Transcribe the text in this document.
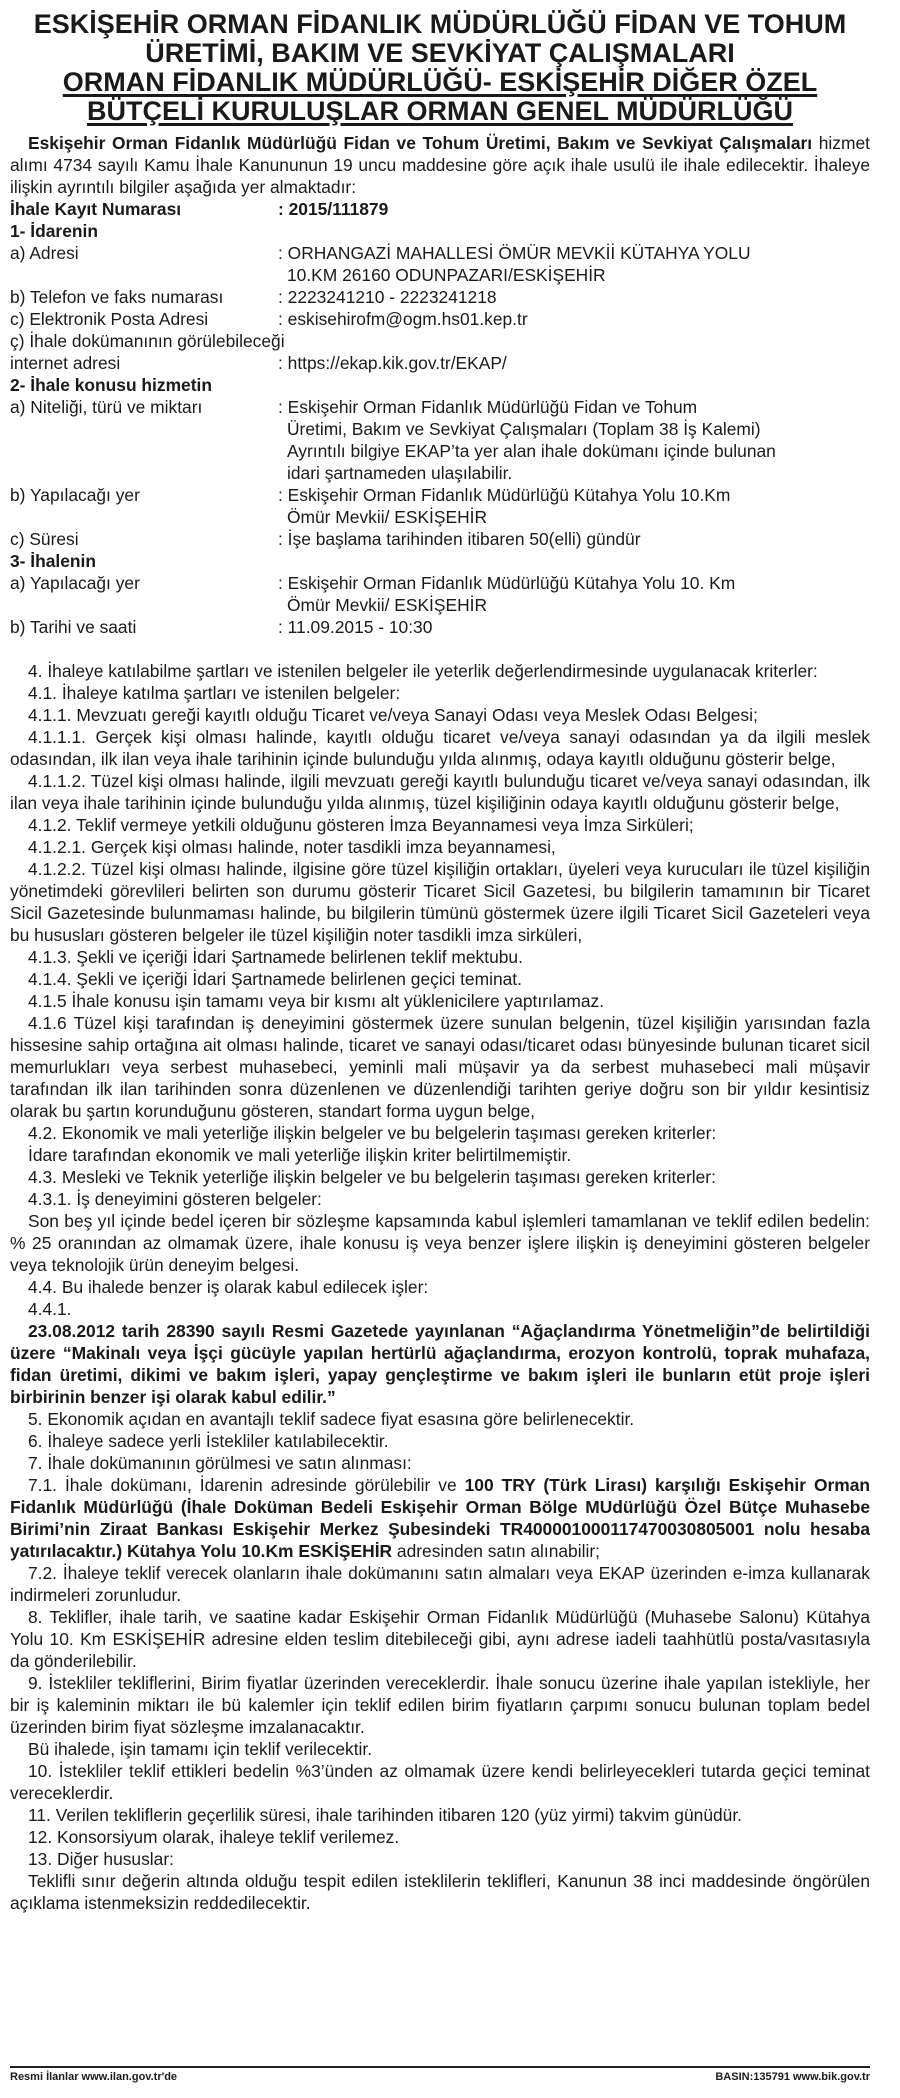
ESKİŞEHİR ORMAN FİDANLIK MÜDÜRLÜĞÜ FİDAN VE TOHUM
ÜRETİMİ, BAKIM VE SEVKİYAT ÇALIŞMALARI
ORMAN FİDANLIK MÜDÜRLÜĞÜ- ESKİŞEHİR DİĞER ÖZEL
BÜTÇELİ KURULUŞLAR ORMAN GENEL MÜDÜRLÜĞÜ

Eskişehir Orman Fidanlık Müdürlüğü Fidan ve Tohum Üretimi, Bakım ve Sevkiyat Çalışmaları hizmet alımı 4734 sayılı Kamu İhale Kanununun 19 uncu maddesine göre açık ihale usulü ile ihale edilecektir. İhaleye ilişkin ayrıntılı bilgiler aşağıda yer almaktadır:

İhale Kayıt Numarası	: 2015/111879
1- İdarenin
a) Adresi	: ORHANGAZİ MAHALLESİ ÖMÜR MEVKİİ KÜTAHYA YOLU
10.KM 26160 ODUNPAZARI/ESKİŞEHİR
b) Telefon ve faks numarası	: 2223241210 - 2223241218
c) Elektronik Posta Adresi	: eskisehirofm@ogm.hs01.kep.tr
ç) İhale dokümanının görülebileceği
internet adresi	: https://ekap.kik.gov.tr/EKAP/
2- İhale konusu hizmetin
a) Niteliği, türü ve miktarı	: Eskişehir Orman Fidanlık Müdürlüğü Fidan ve Tohum
Üretimi, Bakım ve Sevkiyat Çalışmaları (Toplam 38 İş Kalemi)
Ayrıntılı bilgiye EKAP’ta yer alan ihale dokümanı içinde bulunan
idari şartnameden ulaşılabilir.
b) Yapılacağı yer	: Eskişehir Orman Fidanlık Müdürlüğü Kütahya Yolu 10.Km
Ömür Mevkii/ ESKİŞEHİR
c) Süresi	: İşe başlama tarihinden itibaren 50(elli) gündür
3- İhalenin
a) Yapılacağı yer	: Eskişehir Orman Fidanlık Müdürlüğü Kütahya Yolu 10. Km
Ömür Mevkii/ ESKİŞEHİR
b) Tarihi ve saati	: 11.09.2015 - 10:30

4. İhaleye katılabilme şartları ve istenilen belgeler ile yeterlik değerlendirmesinde uygulanacak kriterler:

4.1. İhaleye katılma şartları ve istenilen belgeler:

4.1.1. Mevzuatı gereği kayıtlı olduğu Ticaret ve/veya Sanayi Odası veya Meslek Odası Belgesi;

4.1.1.1. Gerçek kişi olması halinde, kayıtlı olduğu ticaret ve/veya sanayi odasından ya da ilgili meslek odasından, ilk ilan veya ihale tarihinin içinde bulunduğu yılda alınmış, odaya kayıtlı olduğunu gösterir belge,

4.1.1.2. Tüzel kişi olması halinde, ilgili mevzuatı gereği kayıtlı bulunduğu ticaret ve/veya sanayi odasından, ilk ilan veya ihale tarihinin içinde bulunduğu yılda alınmış, tüzel kişiliğinin odaya kayıtlı olduğunu gösterir belge,

4.1.2. Teklif vermeye yetkili olduğunu gösteren İmza Beyannamesi veya İmza Sirküleri;

4.1.2.1. Gerçek kişi olması halinde, noter tasdikli imza beyannamesi,

4.1.2.2. Tüzel kişi olması halinde, ilgisine göre tüzel kişiliğin ortakları, üyeleri veya kurucuları ile tüzel kişiliğin yönetimdeki görevlileri belirten son durumu gösterir Ticaret Sicil Gazetesi, bu bilgilerin tamamının bir Ticaret Sicil Gazetesinde bulunmaması halinde, bu bilgilerin tümünü göstermek üzere ilgili Ticaret Sicil Gazeteleri veya bu hususları gösteren belgeler ile tüzel kişiliğin noter tasdikli imza sirküleri,

4.1.3. Şekli ve içeriği İdari Şartnamede belirlenen teklif mektubu.

4.1.4. Şekli ve içeriği İdari Şartnamede belirlenen geçici teminat.

4.1.5 İhale konusu işin tamamı veya bir kısmı alt yüklenicilere yaptırılamaz.

4.1.6 Tüzel kişi tarafından iş deneyimini göstermek üzere sunulan belgenin, tüzel kişiliğin yarısından fazla hissesine sahip ortağına ait olması halinde, ticaret ve sanayi odası/ticaret odası bünyesinde bulunan ticaret sicil memurlukları veya serbest muhasebeci, yeminli mali müşavir ya da serbest muhasebeci mali müşavir tarafından ilk ilan tarihinden sonra düzenlenen ve düzenlendiği tarihten geriye doğru son bir yıldır kesintisiz olarak bu şartın korunduğunu gösteren, standart forma uygun belge,

4.2. Ekonomik ve mali yeterliğe ilişkin belgeler ve bu belgelerin taşıması gereken kriterler:

İdare tarafından ekonomik ve mali yeterliğe ilişkin kriter belirtilmemiştir.

4.3. Mesleki ve Teknik yeterliğe ilişkin belgeler ve bu belgelerin taşıması gereken kriterler:

4.3.1. İş deneyimini gösteren belgeler:

Son beş yıl içinde bedel içeren bir sözleşme kapsamında kabul işlemleri tamamlanan ve teklif edilen bedelin: % 25 oranından az olmamak üzere, ihale konusu iş veya benzer işlere ilişkin iş deneyimini gösteren belgeler veya teknolojik ürün deneyim belgesi.

4.4. Bu ihalede benzer iş olarak kabul edilecek işler:

4.4.1.

23.08.2012 tarih 28390 sayılı Resmi Gazetede yayınlanan “Ağaçlandırma Yönetmeliğin”de belirtildiği üzere “Makinalı veya İşçi gücüyle yapılan hertürlü ağaçlandırma, erozyon kontrolü, toprak muhafaza, fidan üretimi, dikimi ve bakım işleri, yapay gençleştirme ve bakım işleri ile bunların etüt proje işleri birbirinin benzer işi olarak kabul edilir.”

5. Ekonomik açıdan en avantajlı teklif sadece fiyat esasına göre belirlenecektir.

6. İhaleye sadece yerli İstekliler katılabilecektir.

7. İhale dokümanının görülmesi ve satın alınması:

7.1. İhale dokümanı, İdarenin adresinde görülebilir ve 100 TRY (Türk Lirası) karşılığı Eskişehir Orman Fidanlık Müdürlüğü (İhale Doküman Bedeli Eskişehir Orman Bölge MUdürlüğü Özel Bütçe Muhasebe Birimi’nin Ziraat Bankası Eskişehir Merkez Şubesindeki TR400001000117470030805001 nolu hesaba yatırılacaktır.) Kütahya Yolu 10.Km ESKİŞEHİR adresinden satın alınabilir;

7.2. İhaleye teklif verecek olanların ihale dokümanını satın almaları veya EKAP üzerinden e-imza kullanarak indirmeleri zorunludur.

8. Teklifler, ihale tarih, ve saatine kadar Eskişehir Orman Fidanlık Müdürlüğü (Muhasebe Salonu) Kütahya Yolu 10. Km ESKİŞEHİR adresine elden teslim ditebileceği gibi, aynı adrese iadeli taahhütlü posta/vasıtasıyla da gönderilebilir.

9. İstekliler tekliflerini, Birim fiyatlar üzerinden vereceklerdir. İhale sonucu üzerine ihale yapılan istekliyle, her bir iş kaleminin miktarı ile bü kalemler için teklif edilen birim fiyatların çarpımı sonucu bulunan toplam bedel üzerinden birim fiyat sözleşme imzalanacaktır.

Bü ihalede, işin tamamı için teklif verilecektir.

10. İstekliler teklif ettikleri bedelin %3’ünden az olmamak üzere kendi belirleyecekleri tutarda geçici teminat vereceklerdir.

11. Verilen tekliflerin geçerlilik süresi, ihale tarihinden itibaren 120 (yüz yirmi) takvim günüdür.

12. Konsorsiyum olarak, ihaleye teklif verilemez.

13. Diğer hususlar:

Teklifli sınır değerin altında olduğu tespit edilen isteklilerin teklifleri, Kanunun 38 inci maddesinde öngörülen açıklama istenmeksizin reddedilecektir.

Resmi İlanlar www.ilan.gov.tr'de	BASIN:135791 www.bik.gov.tr
